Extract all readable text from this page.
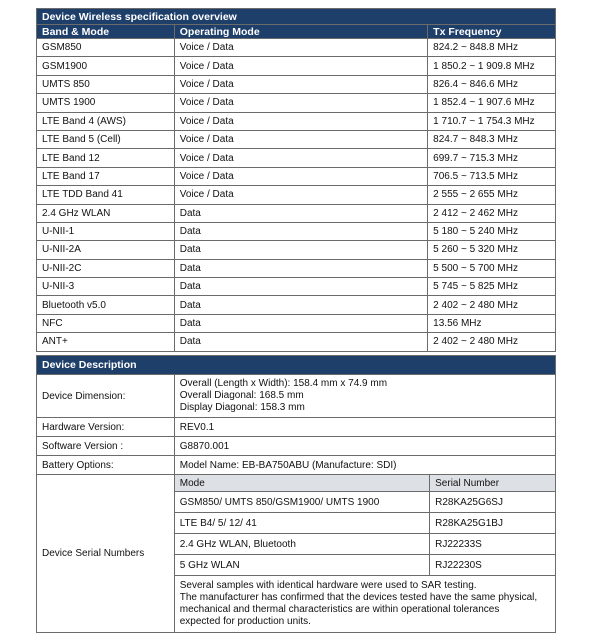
Device Wireless specification overview		
Band & Mode	Operating Mode	Tx Frequency
GSM850	Voice / Data	824.2 ~ 848.8 MHz
GSM1900	Voice / Data	1 850.2 ~ 1 909.8 MHz
UMTS 850	Voice / Data	826.4 ~ 846.6 MHz
UMTS 1900	Voice / Data	1 852.4 ~ 1 907.6 MHz
LTE Band 4 (AWS)	Voice / Data	1 710.7 ~ 1 754.3 MHz
LTE Band 5 (Cell)	Voice / Data	824.7 ~ 848.3 MHz
LTE Band 12	Voice / Data	699.7 ~ 715.3 MHz
LTE Band 17	Voice / Data	706.5 ~ 713.5 MHz
LTE TDD Band 41	Voice / Data	2 555 ~ 2 655 MHz
2.4 GHz WLAN	Data	2 412 ~ 2 462 MHz
U-NII-1	Data	5 180 ~ 5 240 MHz
U-NII-2A	Data	5 260 ~ 5 320 MHz
U-NII-2C	Data	5 500 ~ 5 700 MHz
U-NII-3	Data	5 745 ~ 5 825 MHz
Bluetooth v5.0	Data	2 402 ~ 2 480 MHz
NFC	Data	13.56 MHz
ANT+	Data	2 402 ~ 2 480 MHz
Device Description		
Device Dimension:	Overall (Length x Width): 158.4 mm x 74.9 mm
Overall Diagonal: 168.5 mm
Display Diagonal: 158.3 mm	

Hardware Version:	REV0.1	
Software Version :	G8870.001	
Battery Options:	Model Name: EB-BA750ABU (Manufacture: SDI)	
Device Serial Numbers	Mode	Serial Number
	GSM850/ UMTS 850/GSM1900/ UMTS 1900	R28KA25G6SJ
	LTE B4/ 5/ 12/ 41	R28KA25G1BJ
	2.4 GHz WLAN, Bluetooth	RJ22233S
	5 GHz WLAN	RJ22230S

	Several samples with identical hardware were used to SAR testing.
The manufacturer has confirmed that the devices tested have the same physical,
mechanical and thermal characteristics are within operational tolerances
expected for production units.	
